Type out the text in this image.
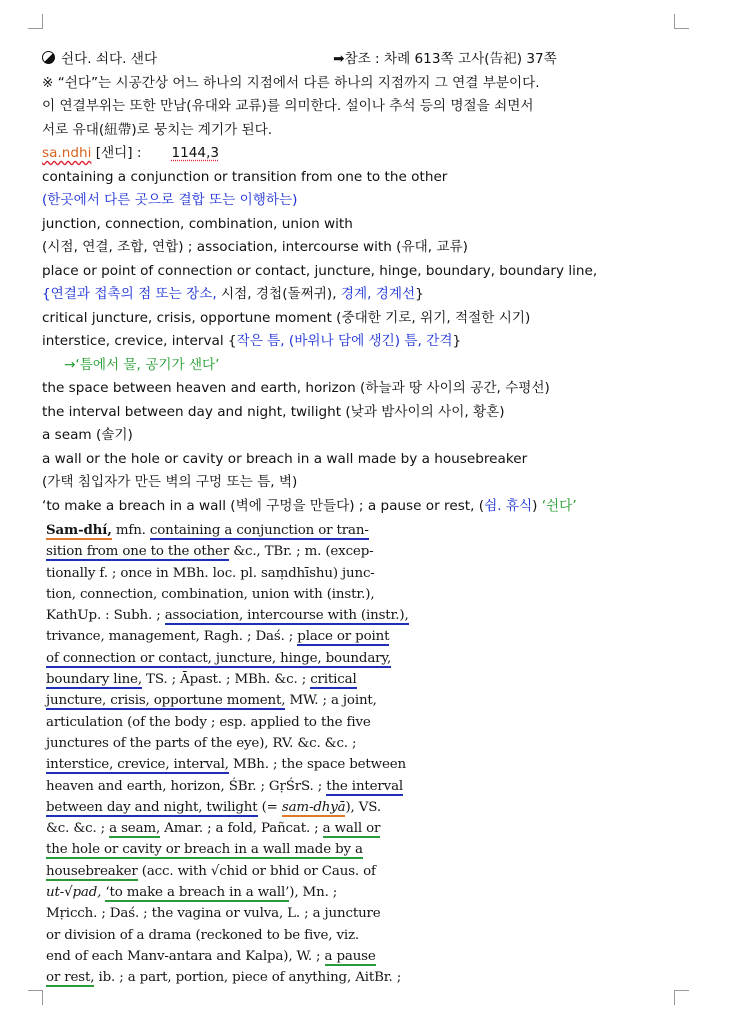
쉰다. 쇠다. 샌다	➡참조 : 차례 613쪽 고사(告祀) 37쪽
※ “쉰다”는 시공간상 어느 하나의 지점에서 다른 하나의 지점까지 그 연결 부분이다.
이 연결부위는 또한 만남(유대와 교류)를 의미한다. 설이나 추석 등의 명절을 쇠면서
서로 유대(紐帶)로 뭉치는 계기가 된다.
sa.ndhi [샌디] : 1144,3
containing a conjunction or transition from one to the other
(한곳에서 다른 곳으로 결합 또는 이행하는)
junction, connection, combination, union with
(시점, 연결, 조합, 연합) ; association, intercourse with (유대, 교류)
place or point of connection or contact, juncture, hinge, boundary, boundary line,
{연결과 접촉의 점 또는 장소, 시점, 경첩(돌쩌귀), 경계, 경계선}
critical juncture, crisis, opportune moment (중대한 기로, 위기, 적절한 시기)
interstice, crevice, interval {작은 틈, (바위나 담에 생긴) 틈, 간격}
→‘틈에서 물, 공기가 샌다’
the space between heaven and earth, horizon (하늘과 땅 사이의 공간, 수평선)
the interval between day and night, twilight (낮과 밤사이의 사이, 황혼)
a seam (솔기)
a wall or the hole or cavity or breach in a wall made by a housebreaker
(가택 침입자가 만든 벽의 구멍 또는 틈, 벽)
‘to make a breach in a wall (벽에 구멍을 만들다) ; a pause or rest, (쉼. 휴식) ‘쉰다’
Sam-dhí, mfn. containing a conjunction or tran-
sition from one to the other &c., TBr. ; m. (excep-
tionally f. ; once in MBh. loc. pl. saṃdhīshu) junc-
tion, connection, combination, union with (instr.),
KathUp. : Subh. ; association, intercourse with (instr.),
trivance, management, Ragh. ; Daś. ; place or point
of connection or contact, juncture, hinge, boundary,
boundary line, TS. ; Āpast. ; MBh. &c. ; critical
juncture, crisis, opportune moment, MW. ; a joint,
articulation (of the body ; esp. applied to the five
junctures of the parts of the eye), RV. &c. &c. ;
interstice, crevice, interval, MBh. ; the space between
heaven and earth, horizon, ŚBr. ; GṛŚrS. ; the interval
between day and night, twilight (= sam-dhyā), VS.
&c. &c. ; a seam, Amar. ; a fold, Pañcat. ; a wall or
the hole or cavity or breach in a wall made by a
housebreaker (acc. with √chid or bhid or Caus. of
ut-√pad, ‘to make a breach in a wall’), Mn. ;
Mṛicch. ; Daś. ; the vagina or vulva, L. ; a juncture
or division of a drama (reckoned to be five, viz.
end of each Manv-antara and Kalpa), W. ; a pause
or rest, ib. ; a part, portion, piece of anything, AitBr. ;
